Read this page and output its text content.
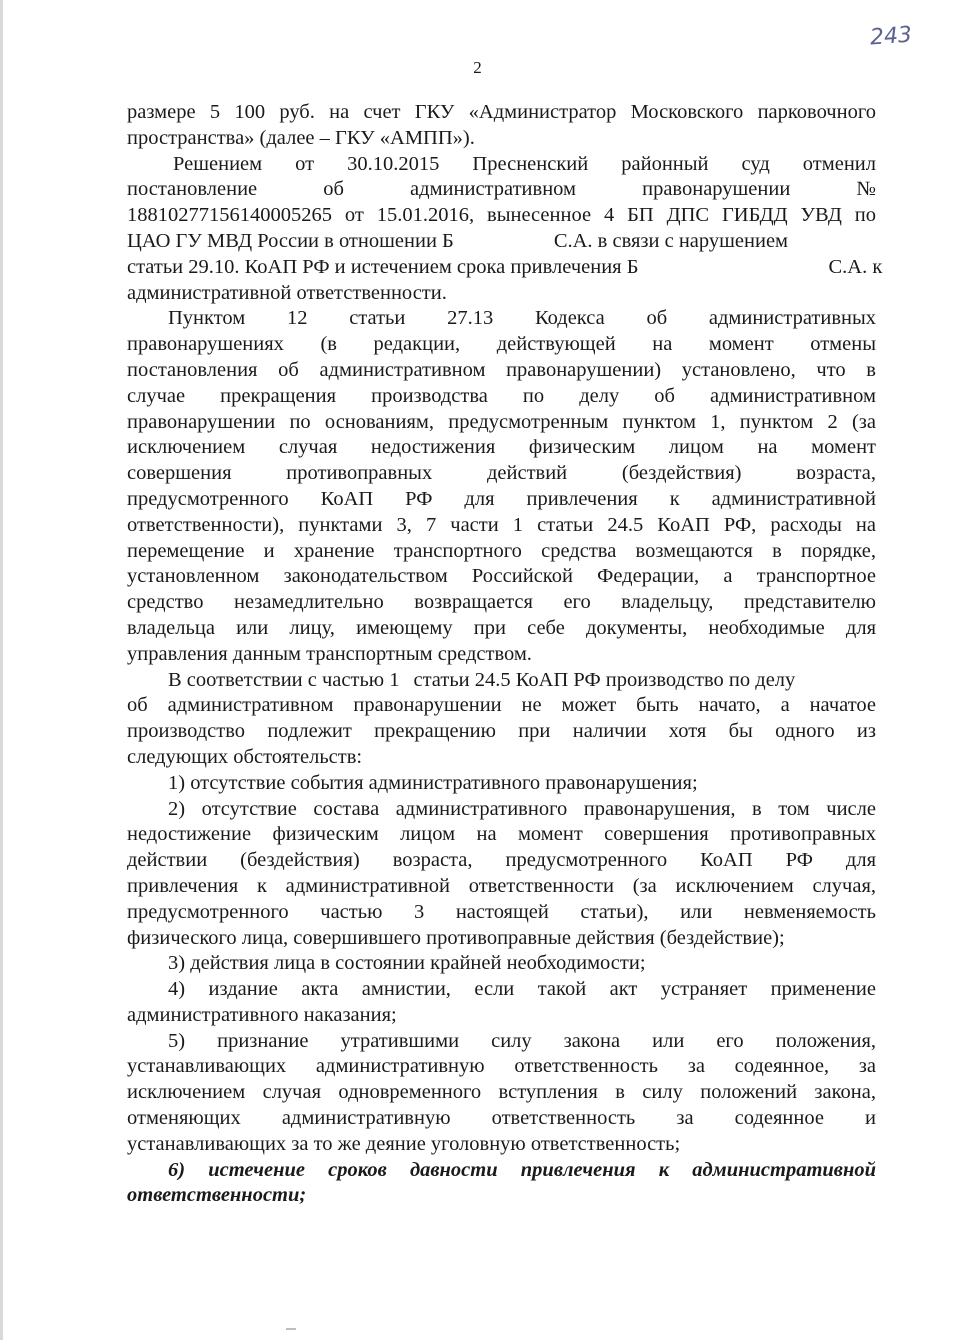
243
2
размере 5 100 руб. на счет ГКУ «Администратор Московского парковочного
пространства» (далее – ГКУ «АМПП»).
Решением от 30.10.2015 Пресненский районный суд отменил
постановление об административном правонарушении №
18810277156140005265 от 15.01.2016, вынесенное 4 БП ДПС ГИБДД УВД по
ЦАО ГУ МВД России в отношении Б	С.А. в связи с нарушением
статьи 29.10. КоАП РФ и истечением срока привлечения Б	С.А. к
административной ответственности.
Пунктом 12 статьи 27.13 Кодекса об административных
правонарушениях (в редакции, действующей на момент отмены
постановления об административном правонарушении) установлено, что в
случае прекращения производства по делу об административном
правонарушении по основаниям, предусмотренным пунктом 1, пунктом 2 (за
исключением случая недостижения физическим лицом на момент
совершения противоправных действий (бездействия) возраста,
предусмотренного КоАП РФ для привлечения к административной
ответственности), пунктами 3, 7 части 1 статьи 24.5 КоАП РФ, расходы на
перемещение и хранение транспортного средства возмещаются в порядке,
установленном законодательством Российской Федерации, а транспортное
средство незамедлительно возвращается его владельцу, представителю
владельца или лицу, имеющему при себе документы, необходимые для
управления данным транспортным средством.
В соответствии с частью 1 статьи 24.5 КоАП РФ производство по делу
об административном правонарушении не может быть начато, а начатое
производство подлежит прекращению при наличии хотя бы одного из
следующих обстоятельств:
1) отсутствие события административного правонарушения;
2) отсутствие состава административного правонарушения, в том числе
недостижение физическим лицом на момент совершения противоправных
действии (бездействия) возраста, предусмотренного КоАП РФ для
привлечения к административной ответственности (за исключением случая,
предусмотренного частью 3 настоящей статьи), или невменяемость
физического лица, совершившего противоправные действия (бездействие);
3) действия лица в состоянии крайней необходимости;
4) издание акта амнистии, если такой акт устраняет применение
административного наказания;
5) признание утратившими силу закона или его положения,
устанавливающих административную ответственность за содеянное, за
исключением случая одновременного вступления в силу положений закона,
отменяющих административную ответственность за содеянное и
устанавливающих за то же деяние уголовную ответственность;
6) истечение сроков давности привлечения к административной
ответственности;
